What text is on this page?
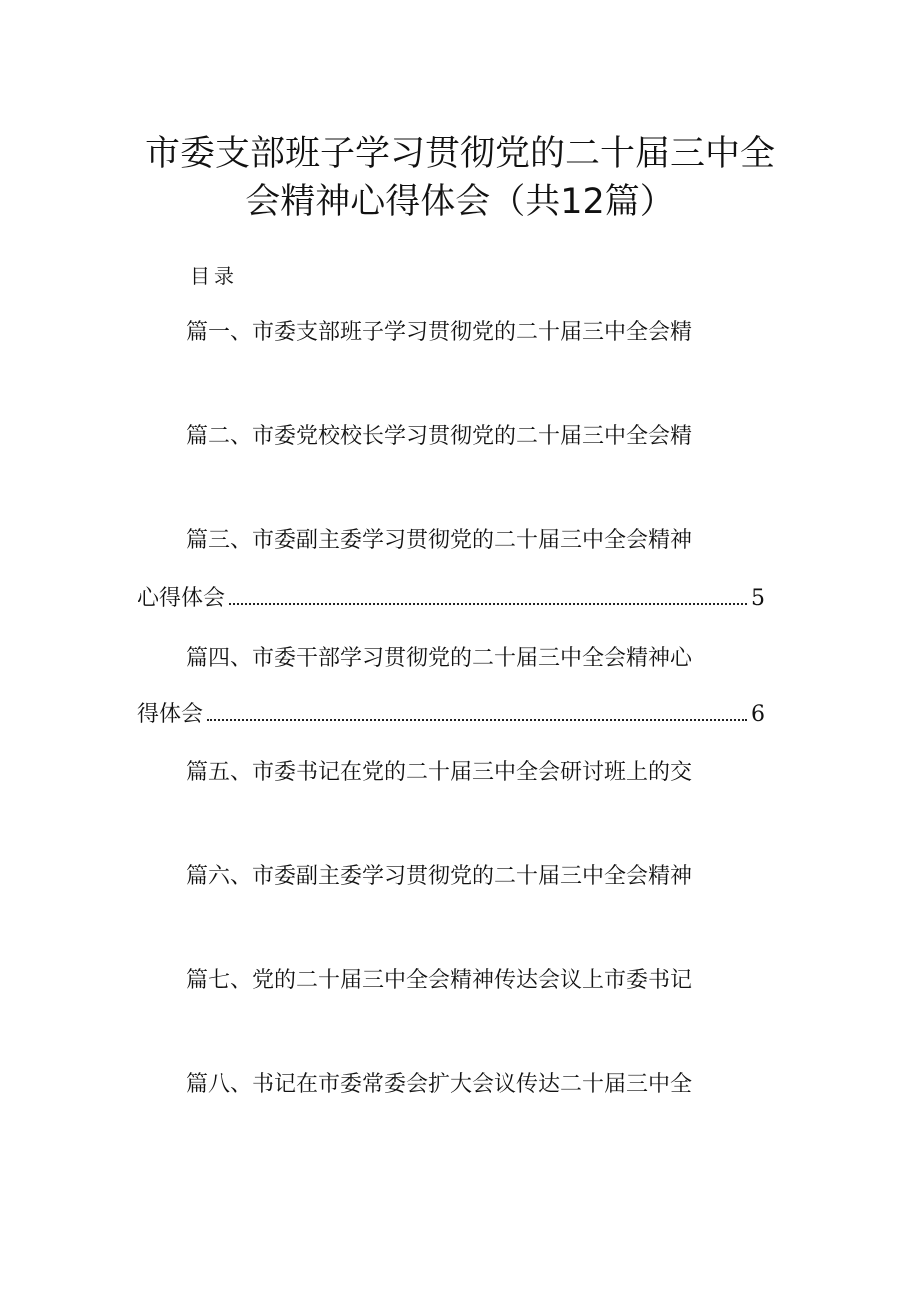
市委支部班子学习贯彻党的二十届三中全
会精神心得体会（共12篇）
目录
篇一、市委支部班子学习贯彻党的二十届三中全会精
篇二、市委党校校长学习贯彻党的二十届三中全会精
篇三、市委副主委学习贯彻党的二十届三中全会精神
心得体会	5
篇四、市委干部学习贯彻党的二十届三中全会精神心
得体会	6
篇五、市委书记在党的二十届三中全会研讨班上的交
篇六、市委副主委学习贯彻党的二十届三中全会精神
篇七、党的二十届三中全会精神传达会议上市委书记
篇八、书记在市委常委会扩大会议传达二十届三中全
